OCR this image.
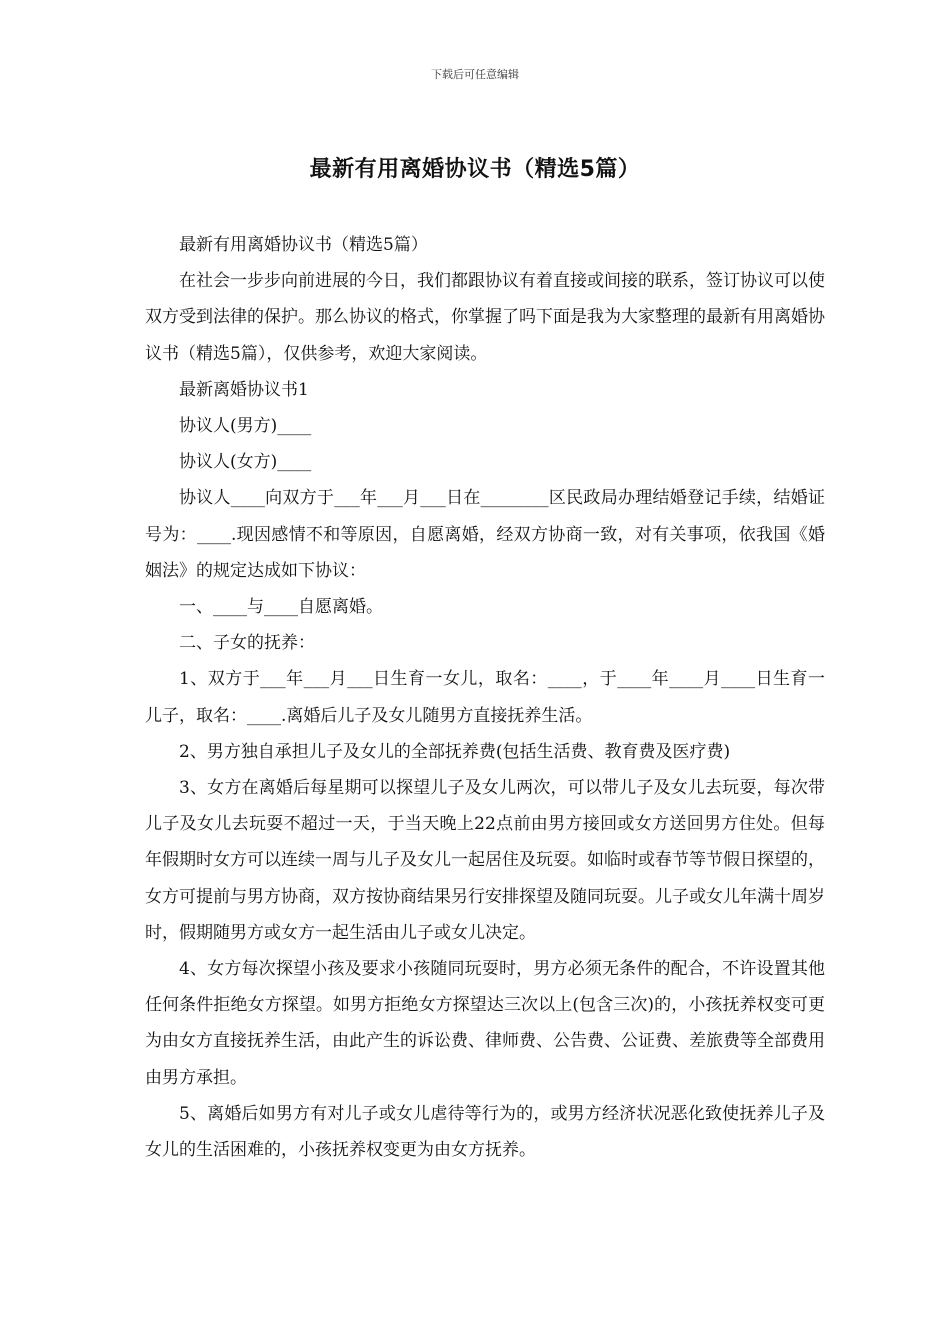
下载后可任意编辑
最新有用离婚协议书（精选5篇）

最新有用离婚协议书（精选5篇）

在社会一步步向前进展的今日，我们都跟协议有着直接或间接的联系，签订协议可以使双方受到法律的保护。那么协议的格式，你掌握了吗下面是我为大家整理的最新有用离婚协议书（精选5篇），仅供参考，欢迎大家阅读。

最新离婚协议书1

协议人(男方)____

协议人(女方)____

协议人____向双方于___年___月___日在________区民政局办理结婚登记手续，结婚证号为：____.现因感情不和等原因，自愿离婚，经双方协商一致，对有关事项，依我国《婚姻法》的规定达成如下协议：

一、____与____自愿离婚。

二、子女的抚养：

1、双方于___年___月___日生育一女儿，取名：____，于____年____月____日生育一儿子，取名：____.离婚后儿子及女儿随男方直接抚养生活。

2、男方独自承担儿子及女儿的全部抚养费(包括生活费、教育费及医疗费)

3、女方在离婚后每星期可以探望儿子及女儿两次，可以带儿子及女儿去玩耍，每次带儿子及女儿去玩耍不超过一天，于当天晚上22点前由男方接回或女方送回男方住处。但每年假期时女方可以连续一周与儿子及女儿一起居住及玩耍。如临时或春节等节假日探望的，女方可提前与男方协商，双方按协商结果另行安排探望及随同玩耍。儿子或女儿年满十周岁时，假期随男方或女方一起生活由儿子或女儿决定。

4、女方每次探望小孩及要求小孩随同玩耍时，男方必须无条件的配合，不许设置其他任何条件拒绝女方探望。如男方拒绝女方探望达三次以上(包含三次)的，小孩抚养权变可更为由女方直接抚养生活，由此产生的诉讼费、律师费、公告费、公证费、差旅费等全部费用由男方承担。

5、离婚后如男方有对儿子或女儿虐待等行为的，或男方经济状况恶化致使抚养儿子及女儿的生活困难的，小孩抚养权变更为由女方抚养。
